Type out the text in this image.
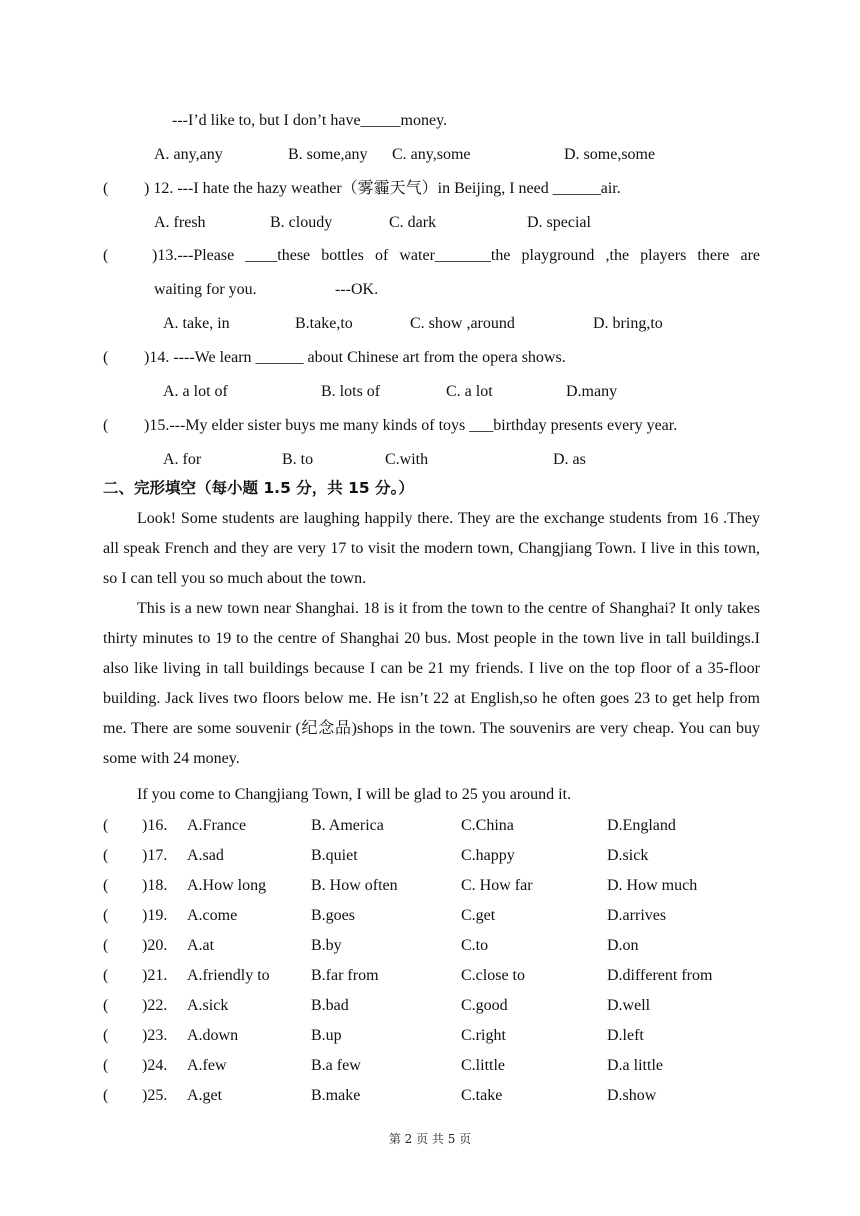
---I’d like to, but I don’t have_____money.
A. any,any	B. some,any C. any,some	D. some,some
( ) 12. ---I hate the hazy weather（雾霾天气）in Beijing, I need ______air.
A. fresh	B. cloudy	C. dark	D. special
(	)13.---Please ____these bottles of water_______the playground ,the players there are
waiting for you.	---OK.
A. take, in	B.take,to	C. show ,around	D. bring,to
( )14. ----We learn ______ about Chinese art from the opera shows.
A. a lot of	B. lots of	C. a lot	D.many
( )15.---My elder sister buys me many kinds of toys ___birthday presents every year.
A. for	B. to	C.with	D. as
二、完形填空（每小题 1.5 分，共 15 分。）
Look! Some students are laughing happily there. They are the exchange students from 16 .They all speak French and they are very 17 to visit the modern town, Changjiang Town. I live in this town, so I can tell you so much about the town.
This is a new town near Shanghai. 18 is it from the town to the centre of Shanghai? It only takes thirty minutes to 19 to the centre of Shanghai 20 bus. Most people in the town live in tall buildings.I also like living in tall buildings because I can be 21 my friends. I live on the top floor of a 35-floor building. Jack lives two floors below me. He isn’t 22 at English,so he often goes 23 to get help from me. There are some souvenir (纪念品)shops in the town. The souvenirs are very cheap. You can buy some with 24 money.
If you come to Changjiang Town, I will be glad to 25 you around it.
( )16. A.France	B. America	C.China	D.England
( )17. A.sad	B.quiet	C.happy	D.sick
( )18. A.How long	B. How often	C. How far	D. How much
( )19. A.come	B.goes	C.get	D.arrives
( )20. A.at	B.by	C.to	D.on
( )21. A.friendly to	B.far from	C.close to	D.different from
( )22. A.sick	B.bad	C.good	D.well
( )23. A.down	B.up	C.right	D.left
( )24. A.few	B.a few	C.little	D.a little
( )25. A.get	B.make	C.take	D.show
第 2 页 共 5 页
